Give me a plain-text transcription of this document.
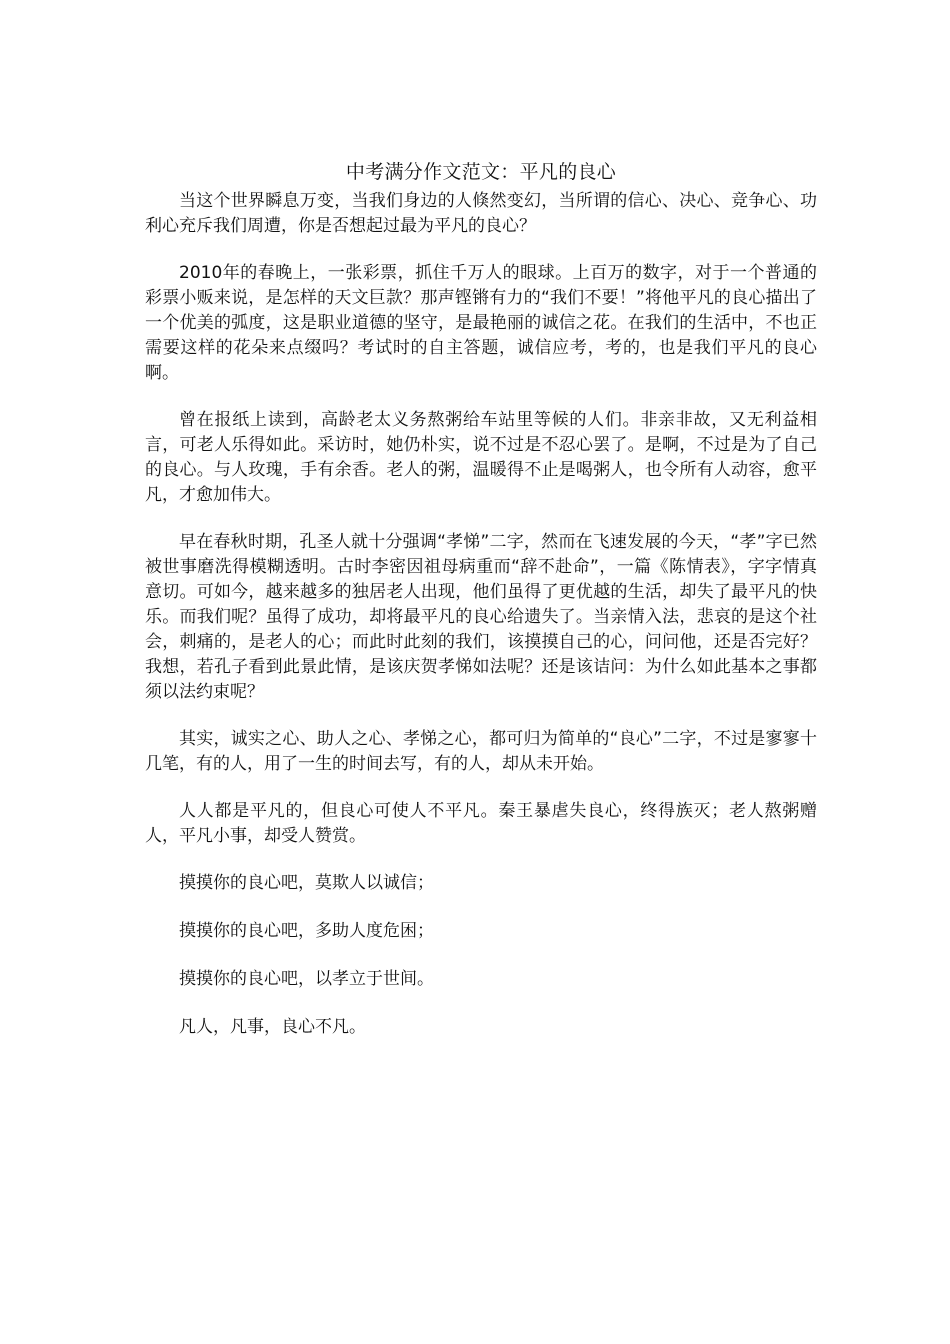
中考满分作文范文：平凡的良心

当这个世界瞬息万变，当我们身边的人倏然变幻，当所谓的信心、决心、竞争心、功利心充斥我们周遭，你是否想起过最为平凡的良心？

2010年的春晚上，一张彩票，抓住千万人的眼球。上百万的数字，对于一个普通的彩票小贩来说，是怎样的天文巨款？那声铿锵有力的“我们不要！”将他平凡的良心描出了一个优美的弧度，这是职业道德的坚守，是最艳丽的诚信之花。在我们的生活中，不也正需要这样的花朵来点缀吗？考试时的自主答题，诚信应考，考的，也是我们平凡的良心啊。

曾在报纸上读到，高龄老太义务熬粥给车站里等候的人们。非亲非故，又无利益相言，可老人乐得如此。采访时，她仍朴实，说不过是不忍心罢了。是啊，不过是为了自己的良心。与人玫瑰，手有余香。老人的粥，温暖得不止是喝粥人，也令所有人动容，愈平凡，才愈加伟大。

早在春秋时期，孔圣人就十分强调“孝悌”二字，然而在飞速发展的今天，“孝”字已然被世事磨洗得模糊透明。古时李密因祖母病重而“辞不赴命”，一篇《陈情表》，字字情真意切。可如今，越来越多的独居老人出现，他们虽得了更优越的生活，却失了最平凡的快乐。而我们呢？虽得了成功，却将最平凡的良心给遗失了。当亲情入法，悲哀的是这个社会，刺痛的，是老人的心；而此时此刻的我们，该摸摸自己的心，问问他，还是否完好？我想，若孔子看到此景此情，是该庆贺孝悌如法呢？还是该诘问：为什么如此基本之事都须以法约束呢？

其实，诚实之心、助人之心、孝悌之心，都可归为简单的“良心”二字，不过是寥寥十几笔，有的人，用了一生的时间去写，有的人，却从未开始。

人人都是平凡的，但良心可使人不平凡。秦王暴虐失良心，终得族灭；老人熬粥赠人，平凡小事，却受人赞赏。

摸摸你的良心吧，莫欺人以诚信；

摸摸你的良心吧，多助人度危困；

摸摸你的良心吧，以孝立于世间。

凡人，凡事，良心不凡。
